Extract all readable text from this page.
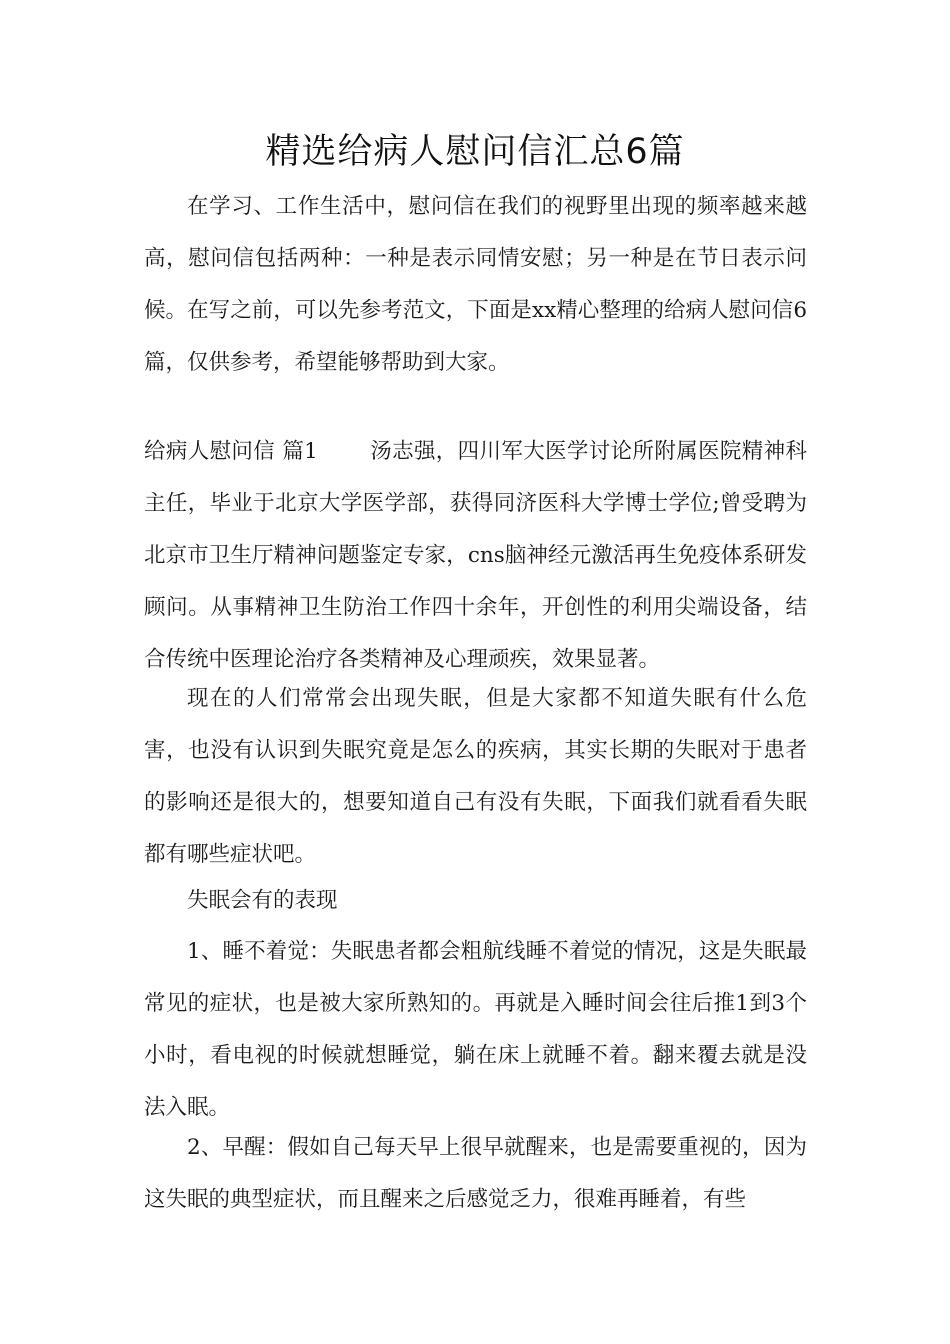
精选给病人慰问信汇总6篇

在学习、工作生活中，慰问信在我们的视野里出现的频率越来越高，慰问信包括两种：一种是表示同情安慰；另一种是在节日表示问候。在写之前，可以先参考范文，下面是xx精心整理的给病人慰问信6篇，仅供参考，希望能够帮助到大家。

给病人慰问信 篇1 汤志强，四川军大医学讨论所附属医院精神科主任，毕业于北京大学医学部，获得同济医科大学博士学位;曾受聘为北京市卫生厅精神问题鉴定专家，cns脑神经元激活再生免疫体系研发顾问。从事精神卫生防治工作四十余年，开创性的利用尖端设备，结合传统中医理论治疗各类精神及心理顽疾，效果显著。

现在的人们常常会出现失眠，但是大家都不知道失眠有什么危害，也没有认识到失眠究竟是怎么的疾病，其实长期的失眠对于患者的影响还是很大的，想要知道自己有没有失眠，下面我们就看看失眠都有哪些症状吧。

失眠会有的表现

1、睡不着觉：失眠患者都会粗航线睡不着觉的情况，这是失眠最常见的症状，也是被大家所熟知的。再就是入睡时间会往后推1到3个小时，看电视的时候就想睡觉，躺在床上就睡不着。翻来覆去就是没法入眠。

2、早醒：假如自己每天早上很早就醒来，也是需要重视的，因为这失眠的典型症状，而且醒来之后感觉乏力，很难再睡着，有些
